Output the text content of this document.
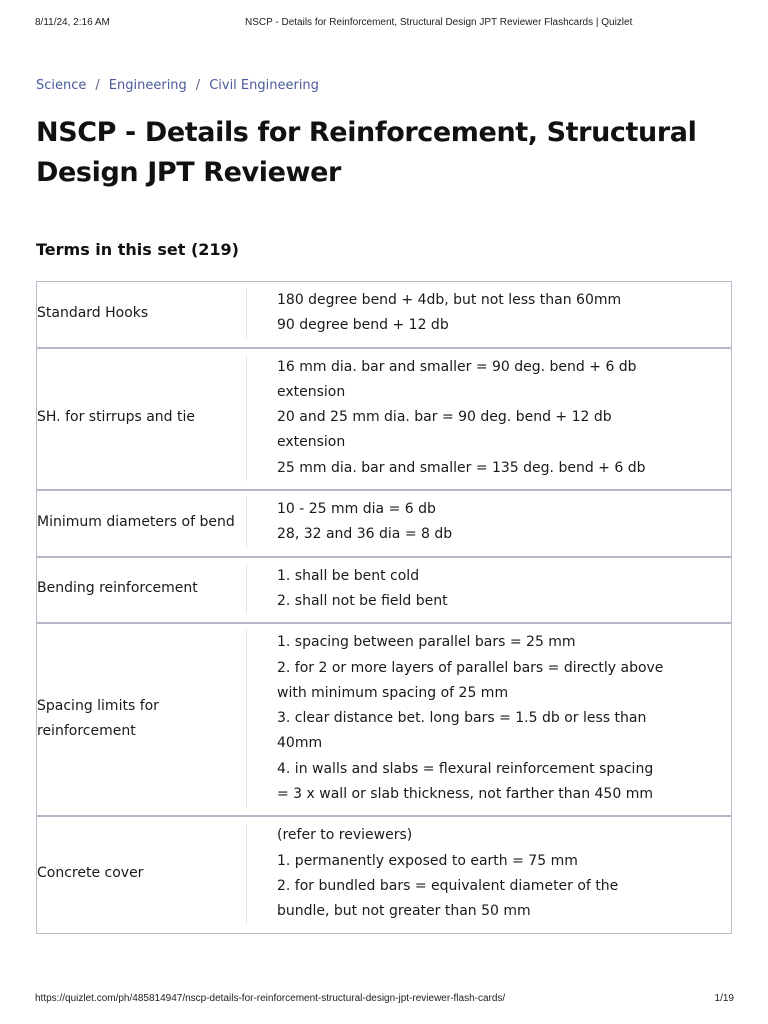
8/11/24, 2:16 AM	NSCP - Details for Reinforcement, Structural Design JPT Reviewer Flashcards | Quizlet
Science / Engineering / Civil Engineering
NSCP - Details for Reinforcement, Structural Design JPT Reviewer
Terms in this set (219)
Standard Hooks
180 degree bend + 4db, but not less than 60mm
90 degree bend + 12 db
SH. for stirrups and tie
16 mm dia. bar and smaller = 90 deg. bend + 6 db extension
20 and 25 mm dia. bar = 90 deg. bend + 12 db extension
25 mm dia. bar and smaller = 135 deg. bend + 6 db
Minimum diameters of bend
10 - 25 mm dia = 6 db
28, 32 and 36 dia = 8 db
Bending reinforcement
1. shall be bent cold
2. shall not be field bent
Spacing limits for reinforcement
1. spacing between parallel bars = 25 mm
2. for 2 or more layers of parallel bars = directly above with minimum spacing of 25 mm
3. clear distance bet. long bars = 1.5 db or less than 40mm
4. in walls and slabs = flexural reinforcement spacing = 3 x wall or slab thickness, not farther than 450 mm
Concrete cover
(refer to reviewers)
1. permanently exposed to earth = 75 mm
2. for bundled bars = equivalent diameter of the bundle, but not greater than 50 mm
https://quizlet.com/ph/485814947/nscp-details-for-reinforcement-structural-design-jpt-reviewer-flash-cards/	1/19
